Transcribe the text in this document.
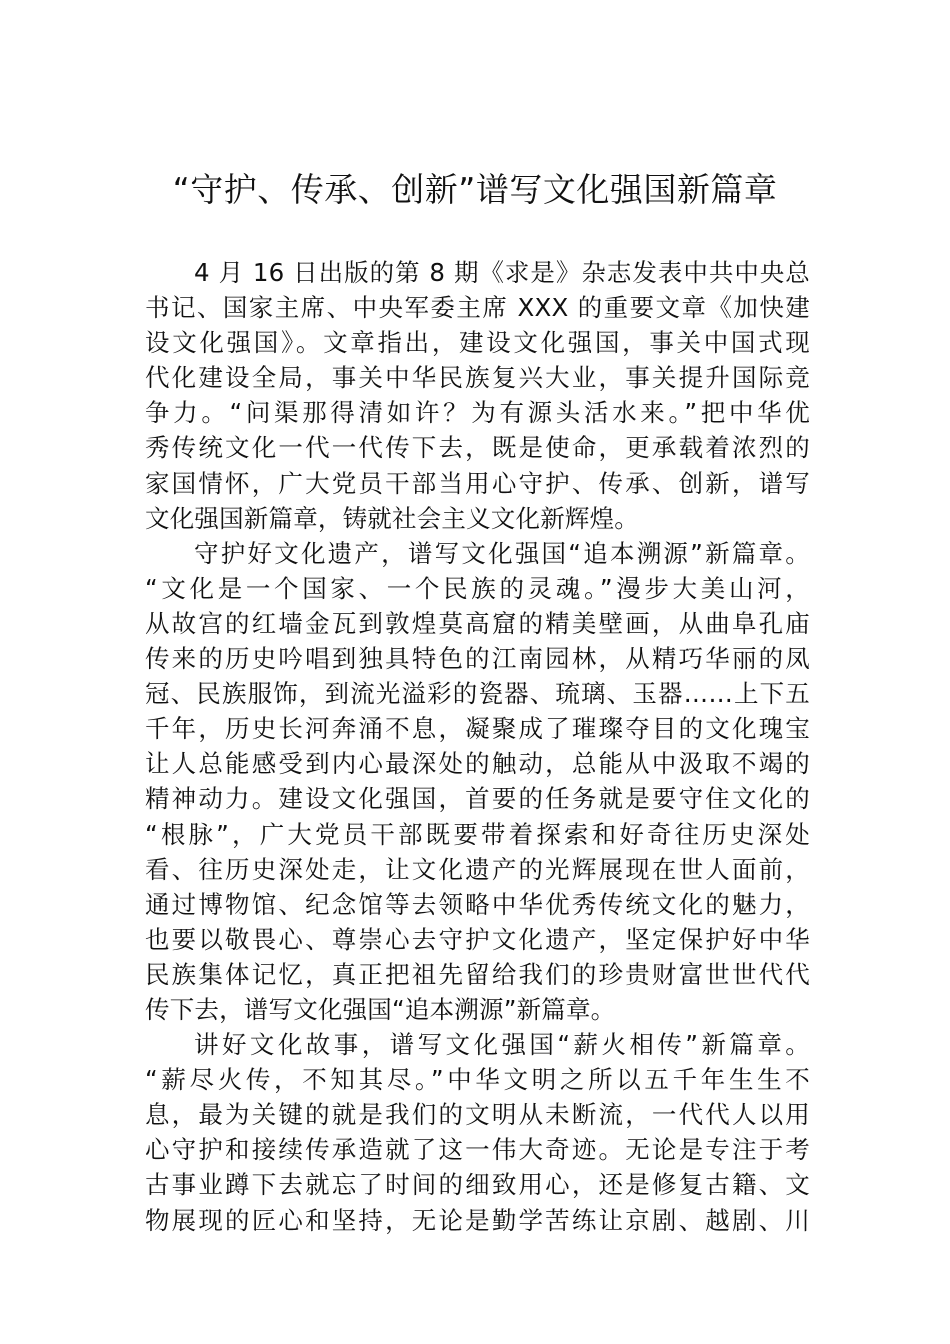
“守护、传承、创新”谱写文化强国新篇章
4 月 16 日出版的第 8 期《求是》杂志发表中共中央总
书记、国家主席、中央军委主席 XXX 的重要文章《加快建
设文化强国》。文章指出，建设文化强国，事关中国式现
代化建设全局，事关中华民族复兴大业，事关提升国际竞
争力。“问渠那得清如许？为有源头活水来。”把中华优
秀传统文化一代一代传下去，既是使命，更承载着浓烈的
家国情怀，广大党员干部当用心守护、传承、创新，谱写
文化强国新篇章，铸就社会主义文化新辉煌。
守护好文化遗产，谱写文化强国“追本溯源”新篇章。
“文化是一个国家、一个民族的灵魂。”漫步大美山河，
从故宫的红墙金瓦到敦煌莫高窟的精美壁画，从曲阜孔庙
传来的历史吟唱到独具特色的江南园林，从精巧华丽的凤
冠、民族服饰，到流光溢彩的瓷器、琉璃、玉器……上下五
千年，历史长河奔涌不息，凝聚成了璀璨夺目的文化瑰宝
让人总能感受到内心最深处的触动，总能从中汲取不竭的
精神动力。建设文化强国，首要的任务就是要守住文化的
“根脉”，广大党员干部既要带着探索和好奇往历史深处
看、往历史深处走，让文化遗产的光辉展现在世人面前，
通过博物馆、纪念馆等去领略中华优秀传统文化的魅力，
也要以敬畏心、尊崇心去守护文化遗产，坚定保护好中华
民族集体记忆，真正把祖先留给我们的珍贵财富世世代代
传下去，谱写文化强国“追本溯源”新篇章。
讲好文化故事，谱写文化强国“薪火相传”新篇章。
“薪尽火传，不知其尽。”中华文明之所以五千年生生不
息，最为关键的就是我们的文明从未断流，一代代人以用
心守护和接续传承造就了这一伟大奇迹。无论是专注于考
古事业蹲下去就忘了时间的细致用心，还是修复古籍、文
物展现的匠心和坚持，无论是勤学苦练让京剧、越剧、川
